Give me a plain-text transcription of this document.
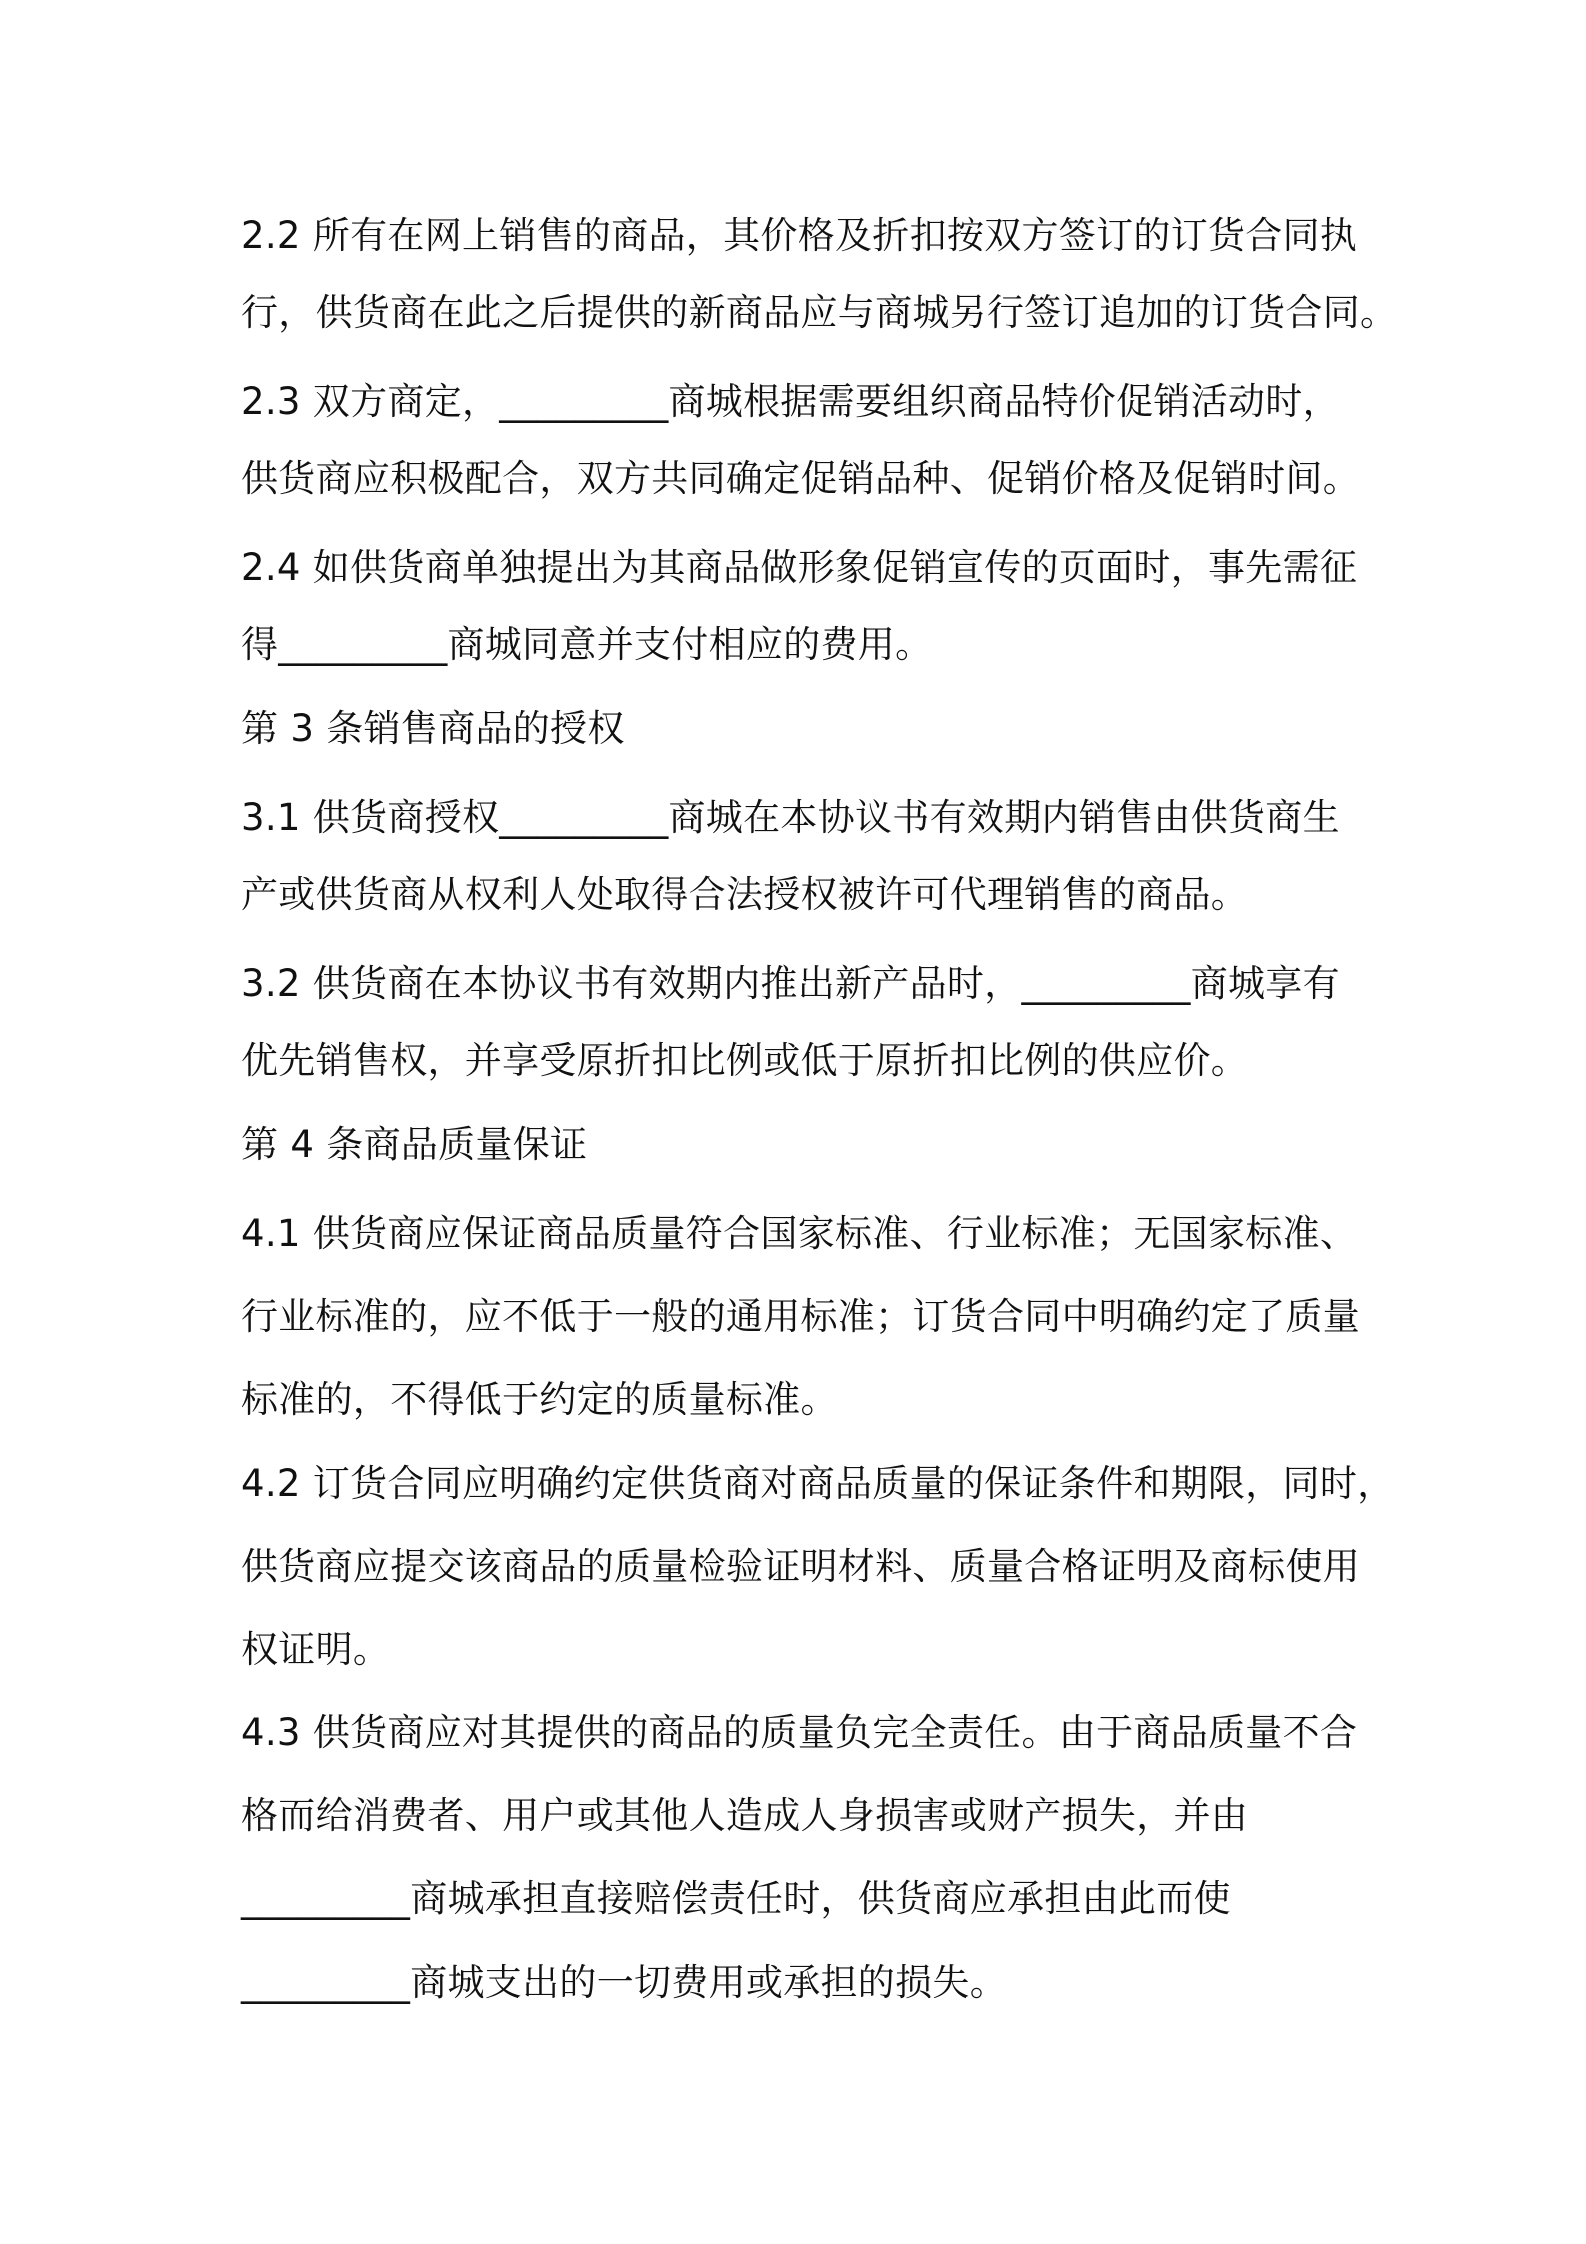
2.2 所有在网上销售的商品，其价格及折扣按双方签订的订货合同执

行，供货商在此之后提供的新商品应与商城另行签订追加的订货合同。

2.3 双方商定，_________商城根据需要组织商品特价促销活动时，

供货商应积极配合，双方共同确定促销品种、促销价格及促销时间。

2.4 如供货商单独提出为其商品做形象促销宣传的页面时，事先需征

得_________商城同意并支付相应的费用。

第 3 条销售商品的授权

3.1 供货商授权_________商城在本协议书有效期内销售由供货商生

产或供货商从权利人处取得合法授权被许可代理销售的商品。

3.2 供货商在本协议书有效期内推出新产品时，_________商城享有

优先销售权，并享受原折扣比例或低于原折扣比例的供应价。

第 4 条商品质量保证

4.1 供货商应保证商品质量符合国家标准、行业标准；无国家标准、

行业标准的，应不低于一般的通用标准；订货合同中明确约定了质量

标准的，不得低于约定的质量标准。

4.2 订货合同应明确约定供货商对商品质量的保证条件和期限，同时，

供货商应提交该商品的质量检验证明材料、质量合格证明及商标使用

权证明。

4.3 供货商应对其提供的商品的质量负完全责任。由于商品质量不合

格而给消费者、用户或其他人造成人身损害或财产损失，并由

_________商城承担直接赔偿责任时，供货商应承担由此而使

_________商城支出的一切费用或承担的损失。
